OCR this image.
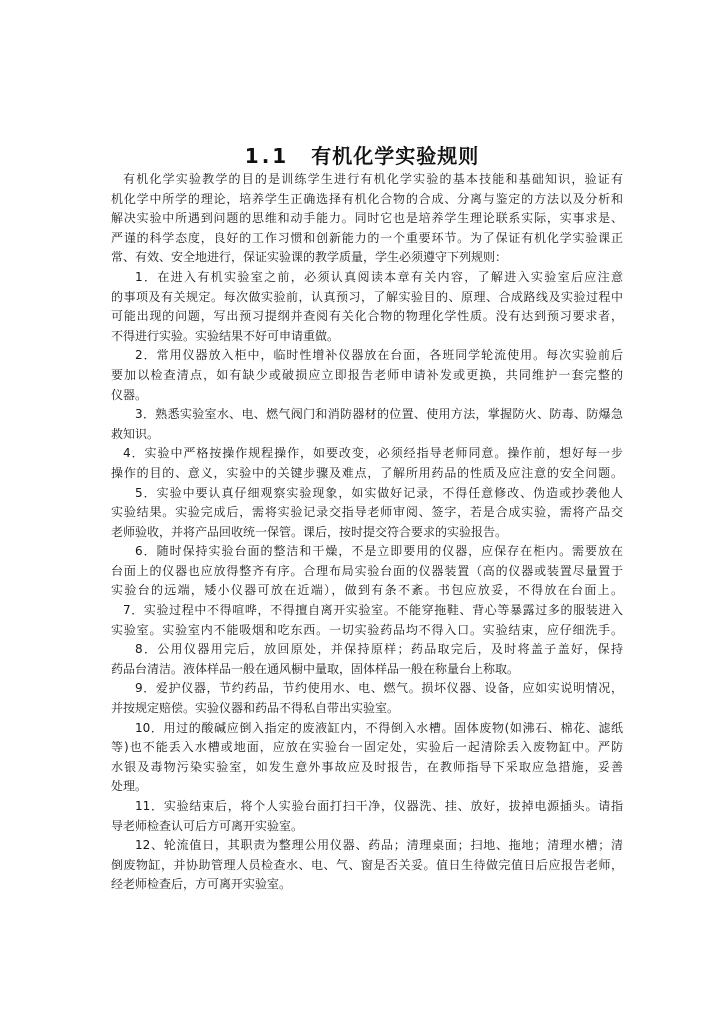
1.1 有机化学实验规则
有机化学实验教学的目的是训练学生进行有机化学实验的基本技能和基础知识，验证有
机化学中所学的理论，培养学生正确选择有机化合物的合成、分离与鉴定的方法以及分析和
解决实验中所遇到问题的思维和动手能力。同时它也是培养学生理论联系实际，实事求是、
严谨的科学态度，良好的工作习惯和创新能力的一个重要环节。为了保证有机化学实验课正
常、有效、安全地进行，保证实验课的教学质量，学生必须遵守下列规则：
1．在进入有机实验室之前，必须认真阅读本章有关内容，了解进入实验室后应注意
的事项及有关规定。每次做实验前，认真预习，了解实验目的、原理、合成路线及实验过程中
可能出现的问题，写出预习提纲并查阅有关化合物的物理化学性质。没有达到预习要求者，
不得进行实验。实验结果不好可申请重做。
2．常用仪器放入柜中，临时性增补仪器放在台面，各班同学轮流使用。每次实验前后
要加以检查清点，如有缺少或破损应立即报告老师申请补发或更换，共同维护一套完整的
仪器。
3．熟悉实验室水、电、燃气阀门和消防器材的位置、使用方法，掌握防火、防毒、防爆急
救知识。
4．实验中严格按操作规程操作，如要改变，必须经指导老师同意。操作前，想好每一步
操作的目的、意义，实验中的关键步骤及难点，了解所用药品的性质及应注意的安全问题。
5．实验中要认真仔细观察实验现象，如实做好记录，不得任意修改、伪造或抄袭他人
实验结果。实验完成后，需将实验记录交指导老师审阅、签字，若是合成实验，需将产品交
老师验收，并将产品回收统一保管。课后，按时提交符合要求的实验报告。
6．随时保持实验台面的整洁和干燥，不是立即要用的仪器，应保存在柜内。需要放在
台面上的仪器也应放得整齐有序。合理布局实验台面的仪器装置（高的仪器或装置尽量置于
实验台的远端，矮小仪器可放在近端），做到有条不紊。书包应放妥，不得放在台面上。
7．实验过程中不得喧哗，不得擅自离开实验室。不能穿拖鞋、背心等暴露过多的服装进入
实验室。实验室内不能吸烟和吃东西。一切实验药品均不得入口。实验结束，应仔细洗手。
8．公用仪器用完后，放回原处，并保持原样；药品取完后，及时将盖子盖好，保持
药品台清洁。液体样品一般在通风橱中量取，固体样品一般在称量台上称取。
9．爱护仪器，节约药品，节约使用水、电、燃气。损坏仪器、设备，应如实说明情况，
并按规定赔偿。实验仪器和药品不得私自带出实验室。
10．用过的酸碱应倒入指定的废液缸内，不得倒入水槽。固体废物(如沸石、棉花、滤纸
等)也不能丢入水槽或地面，应放在实验台一固定处，实验后一起清除丢入废物缸中。严防
水银及毒物污染实验室，如发生意外事故应及时报告，在教师指导下采取应急措施，妥善
处理。
11．实验结束后，将个人实验台面打扫干净，仪器洗、挂、放好，拔掉电源插头。请指
导老师检查认可后方可离开实验室。
12、轮流值日，其职责为整理公用仪器、药品；清理桌面；扫地、拖地；清理水槽；清
倒废物缸，并协助管理人员检查水、电、气、窗是否关妥。值日生待做完值日后应报告老师，
经老师检查后，方可离开实验室。
